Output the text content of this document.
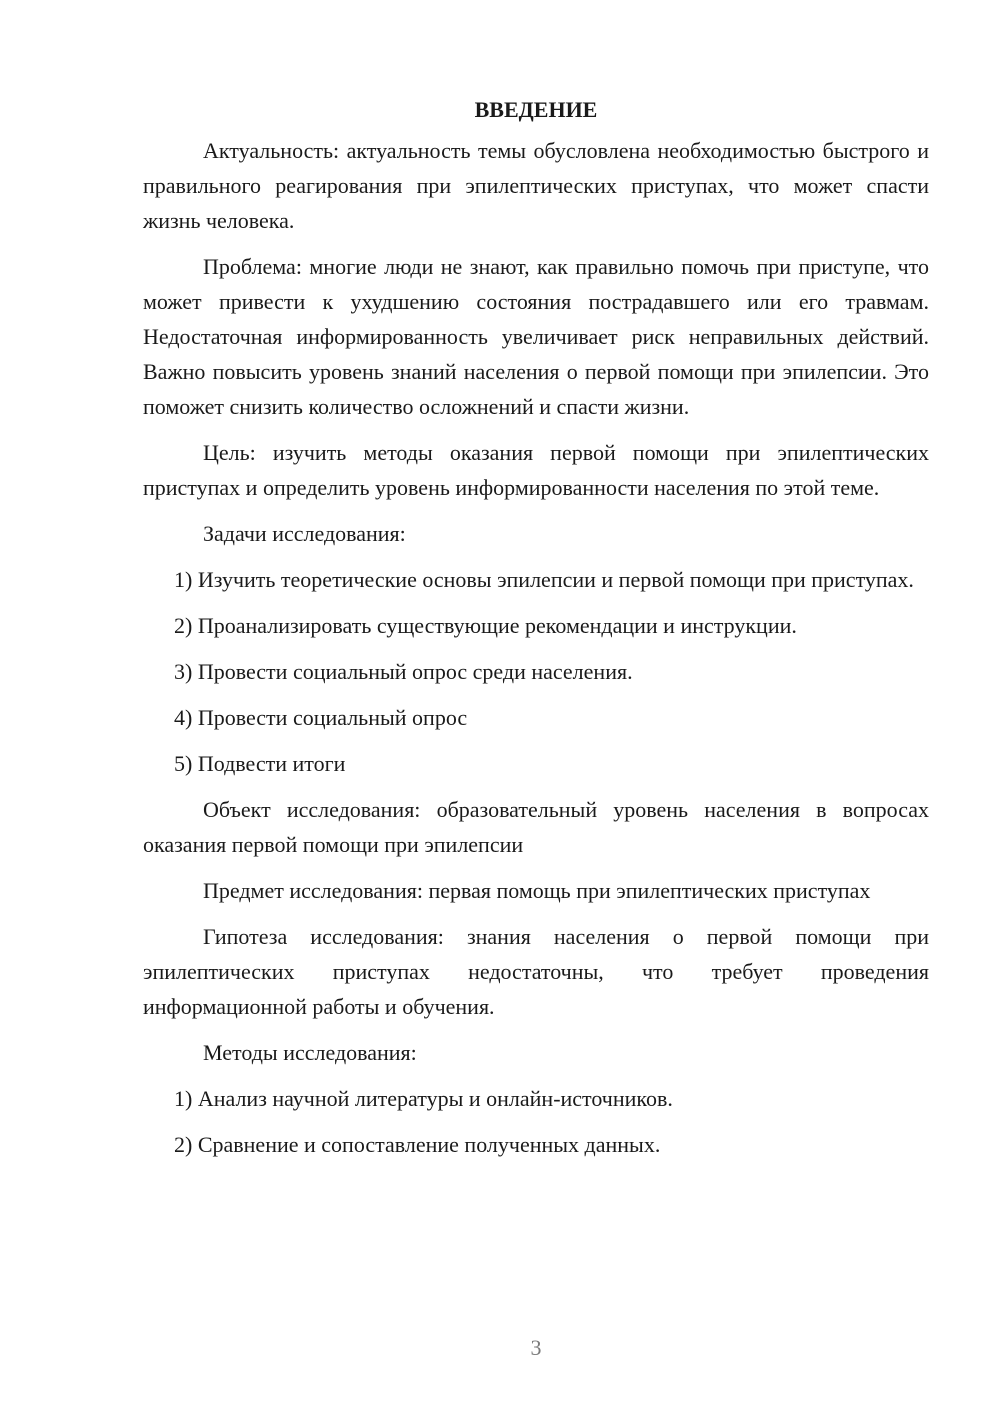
ВВЕДЕНИЕ

Актуальность: актуальность темы обусловлена необходимостью быстрого и правильного реагирования при эпилептических приступах, что может спасти жизнь человека.

Проблема: многие люди не знают, как правильно помочь при приступе, что может привести к ухудшению состояния пострадавшего или его травмам. Недостаточная информированность увеличивает риск неправильных действий. Важно повысить уровень знаний населения о первой помощи при эпилепсии. Это поможет снизить количество осложнений и спасти жизни.

Цель: изучить методы оказания первой помощи при эпилептических приступах и определить уровень информированности населения по этой теме.

Задачи исследования:

1) Изучить теоретические основы эпилепсии и первой помощи при приступах.

2) Проанализировать существующие рекомендации и инструкции.

3) Провести социальный опрос среди населения.

4) Провести социальный опрос

5) Подвести итоги

Объект исследования: образовательный уровень населения в вопросах оказания первой помощи при эпилепсии

Предмет исследования: первая помощь при эпилептических приступах

Гипотеза исследования: знания населения о первой помощи при эпилептических приступах недостаточны, что требует проведения информационной работы и обучения.

Методы исследования:

1) Анализ научной литературы и онлайн-источников.

2) Сравнение и сопоставление полученных данных.

3
